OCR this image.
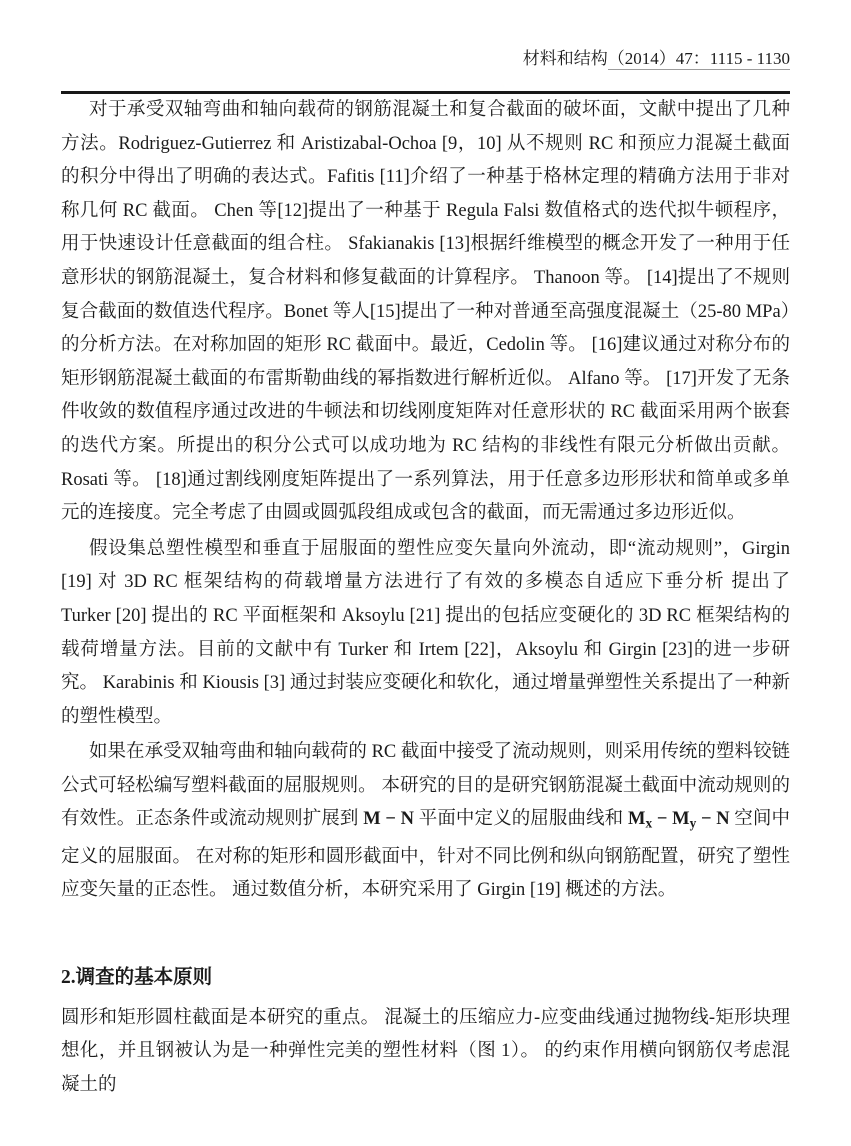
材料和结构（2014）47：1115 - 1130

对于承受双轴弯曲和轴向载荷的钢筋混凝土和复合截面的破坏面，文献中提出了几种方法。Rodriguez-Gutierrez 和 Aristizabal-Ochoa [9，10] 从不规则 RC 和预应力混凝土截面的积分中得出了明确的表达式。Fafitis [11]介绍了一种基于格林定理的精确方法用于非对称几何 RC 截面。 Chen 等[12]提出了一种基于 Regula Falsi 数值格式的迭代拟牛顿程序，用于快速设计任意截面的组合柱。 Sfakianakis [13]根据纤维模型的概念开发了一种用于任意形状的钢筋混凝土，复合材料和修复截面的计算程序。 Thanoon 等。 [14]提出了不规则复合截面的数值迭代程序。Bonet 等人[15]提出了一种对普通至高强度混凝土（25-80 MPa）的分析方法。在对称加固的矩形 RC 截面中。最近，Cedolin 等。 [16]建议通过对称分布的矩形钢筋混凝土截面的布雷斯勒曲线的幂指数进行解析近似。 Alfano 等。 [17]开发了无条件收敛的数值程序通过改进的牛顿法和切线刚度矩阵对任意形状的 RC 截面采用两个嵌套的迭代方案。所提出的积分公式可以成功地为 RC 结构的非线性有限元分析做出贡献。 Rosati 等。 [18]通过割线刚度矩阵提出了一系列算法，用于任意多边形形状和简单或多单元的连接度。完全考虑了由圆或圆弧段组成或包含的截面，而无需通过多边形近似。

假设集总塑性模型和垂直于屈服面的塑性应变矢量向外流动，即“流动规则”，Girgin [19] 对 3D RC 框架结构的荷载增量方法进行了有效的多模态自适应下垂分析 提出了 Turker [20] 提出的 RC 平面框架和 Aksoylu [21] 提出的包括应变硬化的 3D RC 框架结构的载荷增量方法。目前的文献中有 Turker 和 Irtem [22]，Aksoylu 和 Girgin [23]的进一步研究。 Karabinis 和 Kiousis [3] 通过封装应变硬化和软化，通过增量弹塑性关系提出了一种新的塑性模型。

如果在承受双轴弯曲和轴向载荷的 RC 截面中接受了流动规则，则采用传统的塑料铰链公式可轻松编写塑料截面的屈服规则。 本研究的目的是研究钢筋混凝土截面中流动规则的有效性。正态条件或流动规则扩展到 M − N 平面中定义的屈服曲线和 $M_x - M_y - N$ 空间中定义的屈服面。 在对称的矩形和圆形截面中，针对不同比例和纵向钢筋配置，研究了塑性应变矢量的正态性。 通过数值分析，本研究采用了 Girgin [19] 概述的方法。

2.调查的基本原则

圆形和矩形圆柱截面是本研究的重点。 混凝土的压缩应力-应变曲线通过抛物线-矩形块理想化，并且钢被认为是一种弹性完美的塑性材料（图 1）。 的约束作用横向钢筋仅考虑混凝土的
